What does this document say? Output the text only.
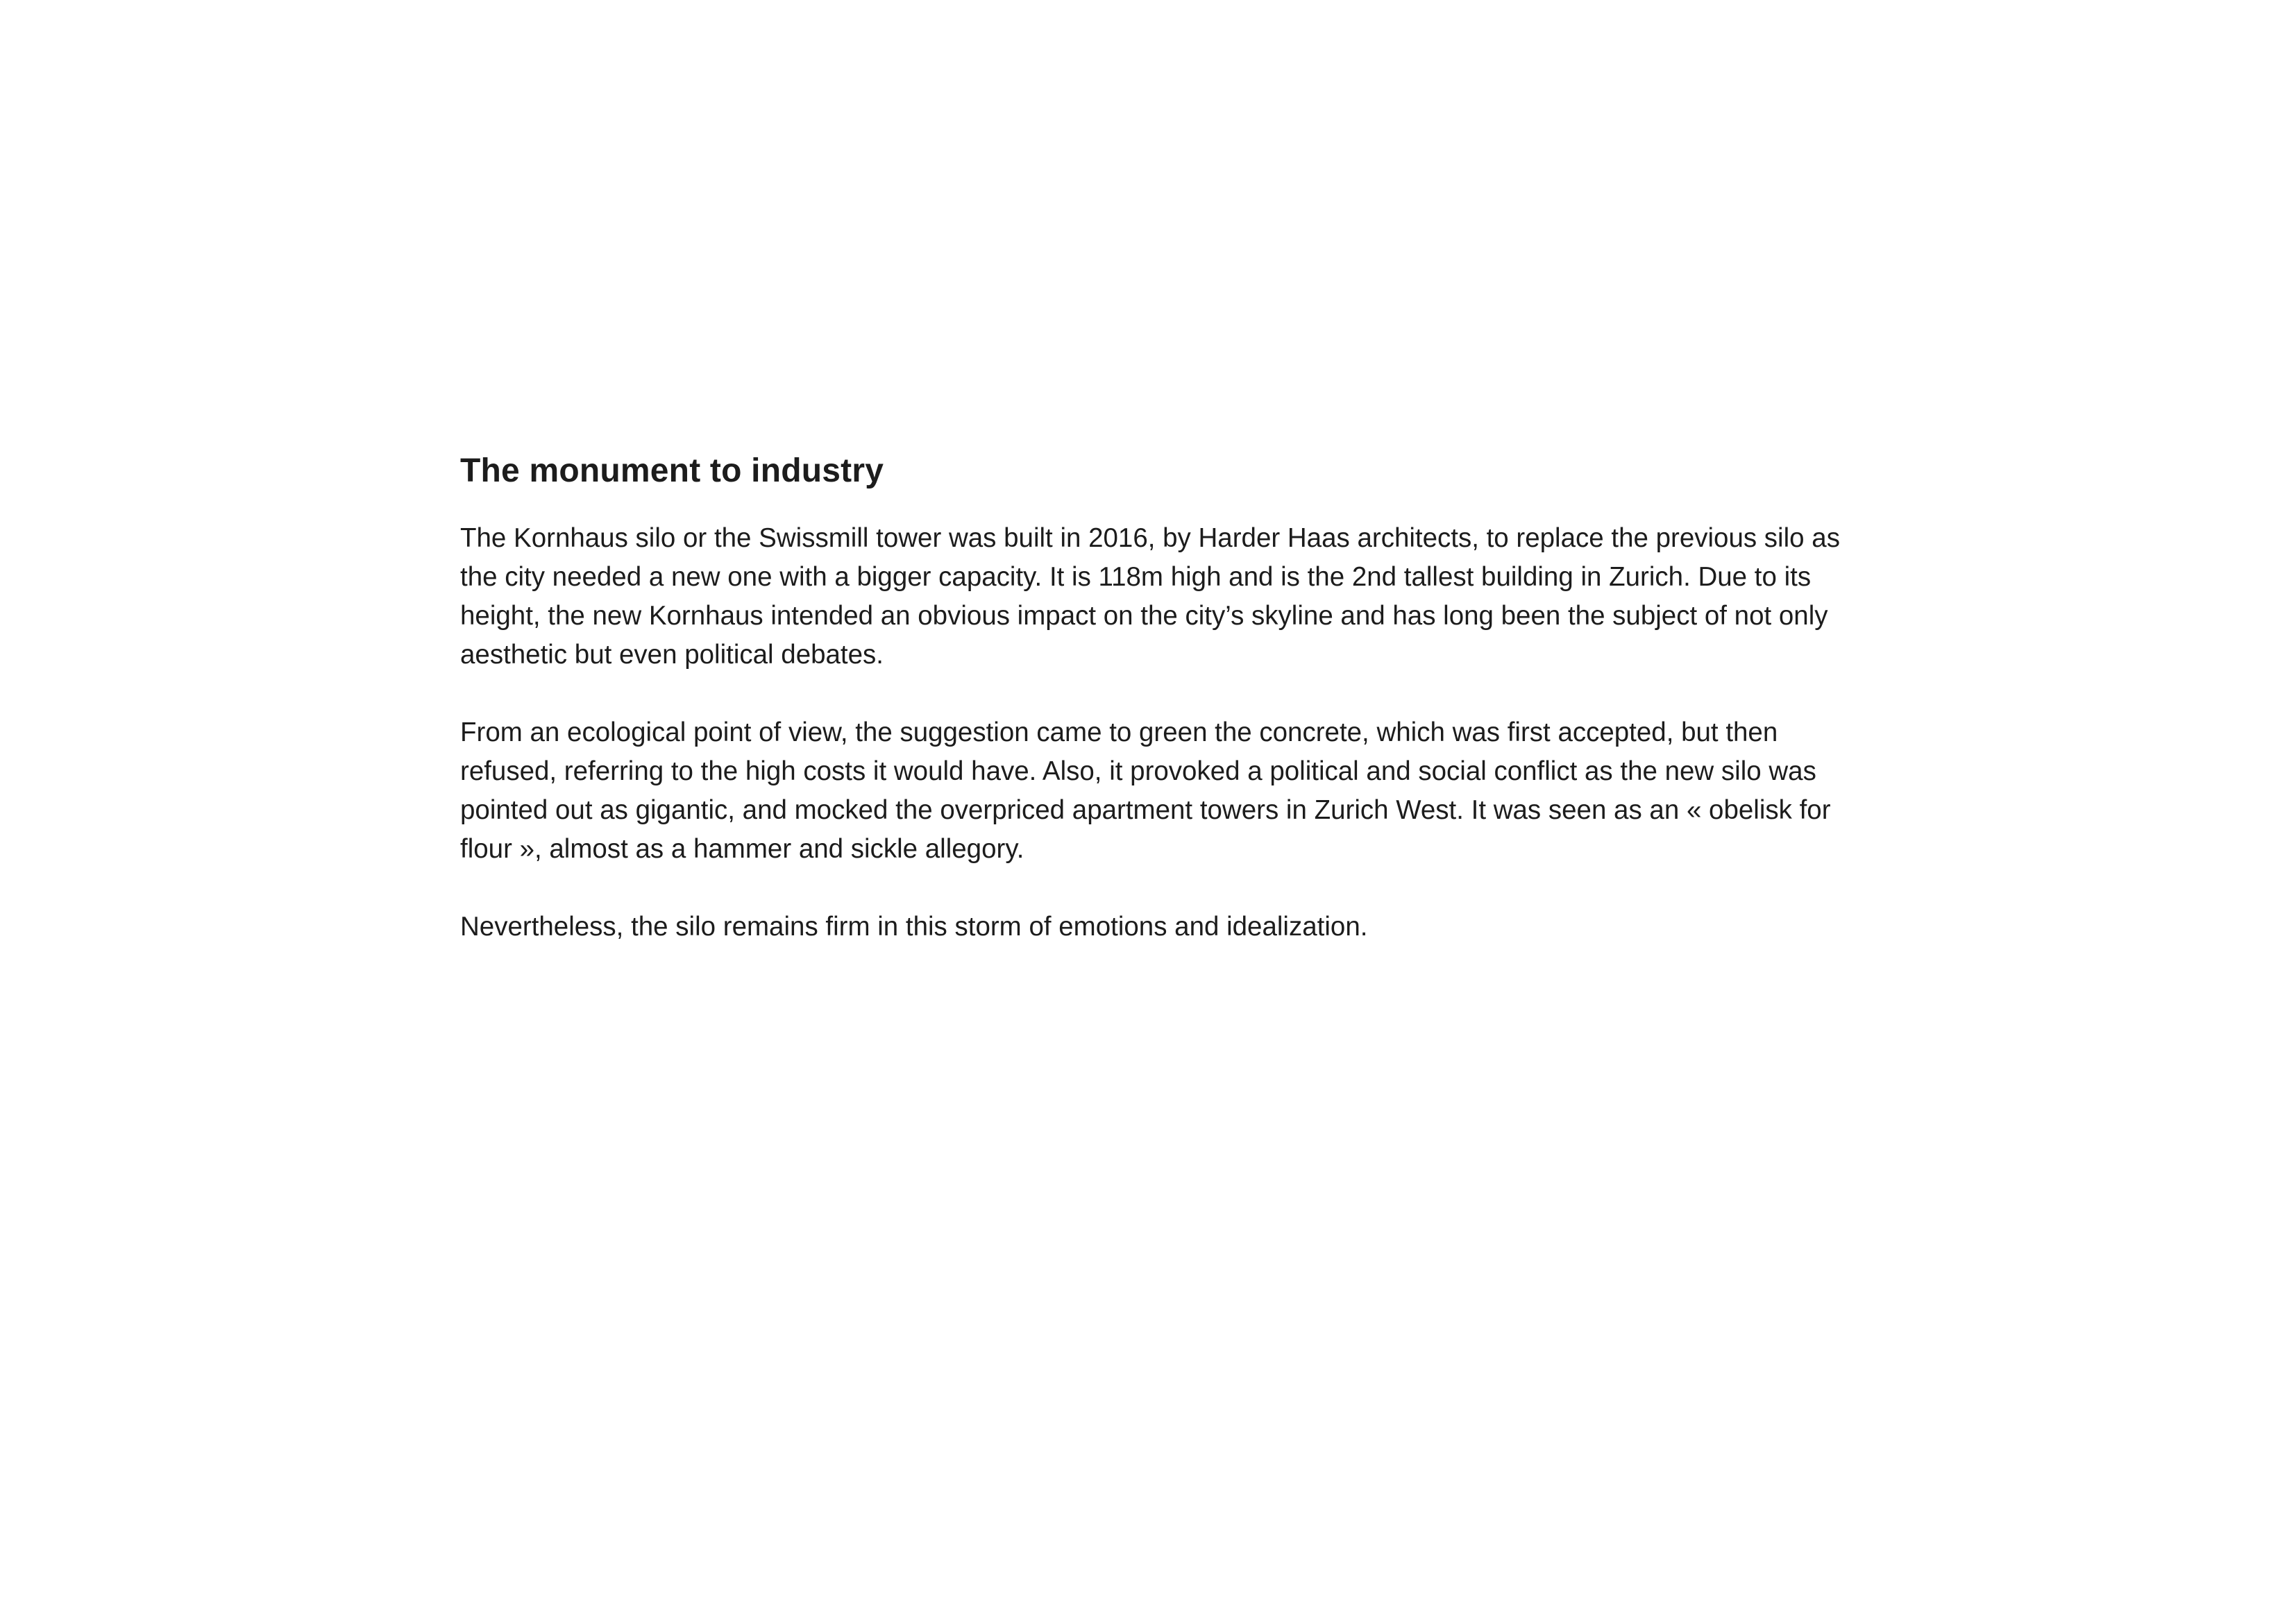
The monument to industry

The Kornhaus silo or the Swissmill tower was built in 2016, by Harder Haas architects, to replace the previous silo as the city needed a new one with a bigger capacity. It is 118m high and is the 2nd tallest building in Zurich. Due to its height, the new Kornhaus intended an obvious impact on the city’s skyline and has long been the subject of not only aesthetic but even political debates.

From an ecological point of view, the suggestion came to green the concrete, which was first accepted, but then refused, referring to the high costs it would have. Also, it provoked a political and social conflict as the new silo was pointed out as gigantic, and mocked the overpriced apartment towers in Zurich West. It was seen as an « obelisk for flour », almost as a hammer and sickle allegory.

Nevertheless, the silo remains firm in this storm of emotions and idealization.
